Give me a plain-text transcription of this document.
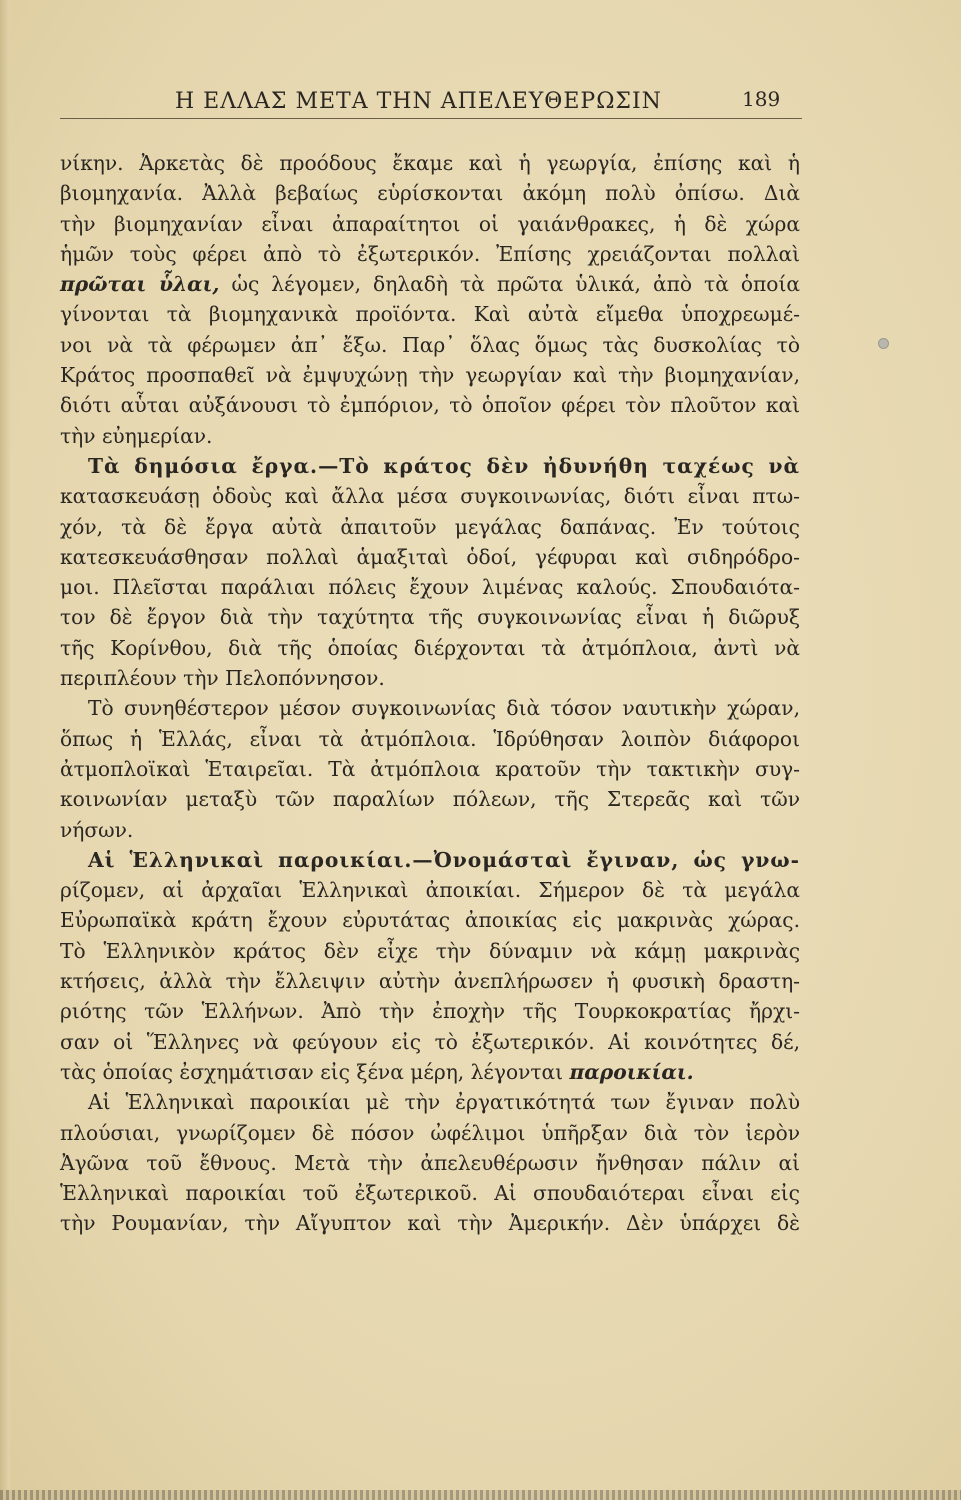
Η ΕΛΛΑΣ ΜΕΤΑ ΤΗΝ ΑΠΕΛΕΥΘΕΡΩΣΙΝ	189
νίκην. Ἀρκετὰς δὲ προόδους ἔκαμε καὶ ἡ γεωργία, ἐπίσης καὶ ἡ
βιομηχανία. Ἀλλὰ βεβαίως εὑρίσκονται ἀκόμη πολὺ ὀπίσω. Διὰ
τὴν βιομηχανίαν εἶναι ἀπαραίτητοι οἱ γαιάνθρακες, ἡ δὲ χώρα
ἡμῶν τοὺς φέρει ἀπὸ τὸ ἐξωτερικόν. Ἐπίσης χρειάζονται πολλαὶ
πρῶται ὗλαι, ὡς λέγομεν, δηλαδὴ τὰ πρῶτα ὑλικά, ἀπὸ τὰ ὁποία
γίνονται τὰ βιομηχανικὰ προϊόντα. Καὶ αὐτὰ εἴμεθα ὑποχρεωμέ-
νοι νὰ τὰ φέρωμεν ἀπ᾽ ἔξω. Παρ᾽ ὅλας ὅμως τὰς δυσκολίας τὸ
Κράτος προσπαθεῖ νὰ ἐμψυχώνῃ τὴν γεωργίαν καὶ τὴν βιομηχανίαν,
διότι αὗται αὐξάνουσι τὸ ἐμπόριον, τὸ ὁποῖον φέρει τὸν πλοῦτον καὶ
τὴν εὐημερίαν.
Τὰ δημόσια ἔργα.—Τὸ κράτος δὲν ἠδυνήθη ταχέως νὰ
κατασκευάσῃ ὁδοὺς καὶ ἄλλα μέσα συγκοινωνίας, διότι εἶναι πτω-
χόν, τὰ δὲ ἔργα αὐτὰ ἀπαιτοῦν μεγάλας δαπάνας. Ἐν τούτοις
κατεσκευάσθησαν πολλαὶ ἁμαξιταὶ ὁδοί, γέφυραι καὶ σιδηρόδρο-
μοι. Πλεῖσται παράλιαι πόλεις ἔχουν λιμένας καλούς. Σπουδαιότα-
τον δὲ ἔργον διὰ τὴν ταχύτητα τῆς συγκοινωνίας εἶναι ἡ διῶρυξ
τῆς Κορίνθου, διὰ τῆς ὁποίας διέρχονται τὰ ἀτμόπλοια, ἀντὶ νὰ
περιπλέουν τὴν Πελοπόννησον.
Τὸ συνηθέστερον μέσον συγκοινωνίας διὰ τόσον ναυτικὴν χώραν,
ὅπως ἡ Ἑλλάς, εἶναι τὰ ἀτμόπλοια. Ἱδρύθησαν λοιπὸν διάφοροι
ἀτμοπλοϊκαὶ Ἑταιρεῖαι. Τὰ ἀτμόπλοια κρατοῦν τὴν τακτικὴν συγ-
κοινωνίαν μεταξὺ τῶν παραλίων πόλεων, τῆς Στερεᾶς καὶ τῶν
νήσων.
Αἱ Ἑλληνικαὶ παροικίαι.—Ὀνομάσταὶ ἔγιναν, ὡς γνω-
ρίζομεν, αἱ ἀρχαῖαι Ἑλληνικαὶ ἀποικίαι. Σήμερον δὲ τὰ μεγάλα
Εὐρωπαϊκὰ κράτη ἔχουν εὐρυτάτας ἀποικίας εἰς μακρινὰς χώρας.
Τὸ Ἑλληνικὸν κράτος δὲν εἶχε τὴν δύναμιν νὰ κάμῃ μακρινὰς
κτήσεις, ἀλλὰ τὴν ἔλλειψιν αὐτὴν ἀνεπλήρωσεν ἡ φυσικὴ δραστη-
ριότης τῶν Ἑλλήνων. Ἀπὸ τὴν ἐποχὴν τῆς Τουρκοκρατίας ἤρχι-
σαν οἱ Ἕλληνες νὰ φεύγουν εἰς τὸ ἐξωτερικόν. Αἱ κοινότητες δέ,
τὰς ὁποίας ἐσχημάτισαν εἰς ξένα μέρη, λέγονται παροικίαι.
Αἱ Ἑλληνικαὶ παροικίαι μὲ τὴν ἐργατικότητά των ἔγιναν πολὺ
πλούσιαι, γνωρίζομεν δὲ πόσον ὠφέλιμοι ὑπῆρξαν διὰ τὸν ἱερὸν
Ἀγῶνα τοῦ ἔθνους. Μετὰ τὴν ἀπελευθέρωσιν ἤνθησαν πάλιν αἱ
Ἑλληνικαὶ παροικίαι τοῦ ἐξωτερικοῦ. Αἱ σπουδαιότεραι εἶναι εἰς
τὴν Ρουμανίαν, τὴν Αἴγυπτον καὶ τὴν Ἀμερικήν. Δὲν ὑπάρχει δὲ
